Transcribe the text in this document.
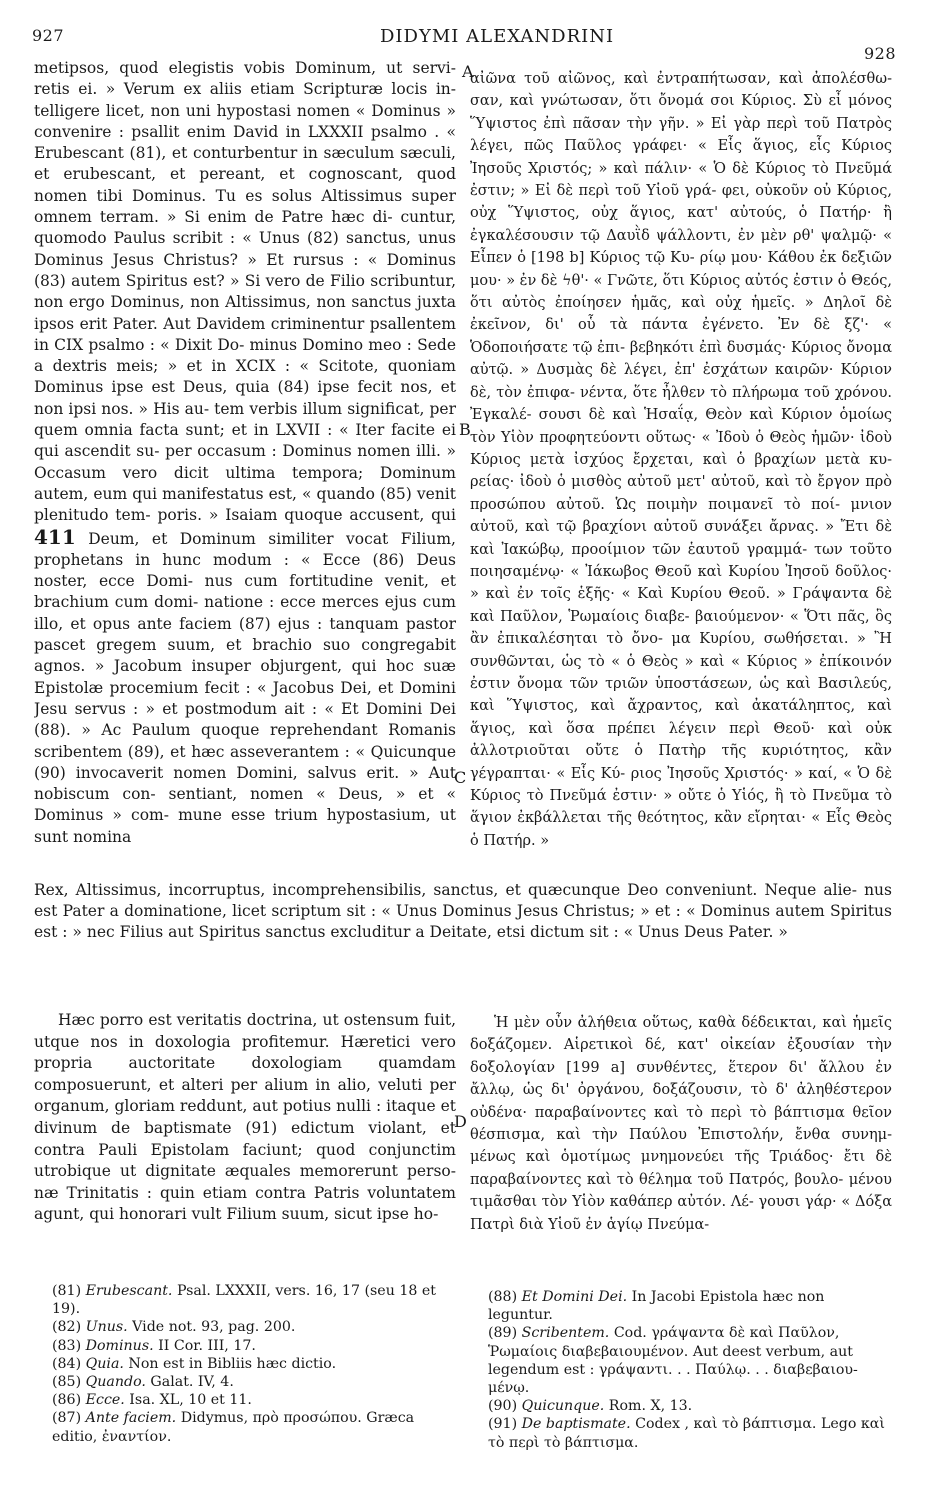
927	DIDYMI ALEXANDRINI
928
A
B
C
D
metipsos, quod elegistis vobis Dominum, ut servi- retis ei. » Verum ex aliis etiam Scripturæ locis in- telligere licet, non uni hypostasi nomen « Dominus » convenire : psallit enim David in LXXXII psalmo . « Erubescant (81), et conturbentur in sæculum sæculi, et erubescant, et pereant, et cognoscant, quod nomen tibi Dominus. Tu es solus Altissimus super omnem terram. » Si enim de Patre hæc di- cuntur, quomodo Paulus scribit : « Unus (82) sanctus, unus Dominus Jesus Christus? » Et rursus : « Dominus (83) autem Spiritus est? » Si vero de Filio scribuntur, non ergo Dominus, non Altissimus, non sanctus juxta ipsos erit Pater. Aut Davidem criminentur psallentem in CIX psalmo : « Dixit Do- minus Domino meo : Sede a dextris meis; » et in XCIX : « Scitote, quoniam Dominus ipse est Deus, quia (84) ipse fecit nos, et non ipsi nos. » His au- tem verbis illum significat, per quem omnia facta sunt; et in LXVII : « Iter facite ei qui ascendit su- per occasum : Dominus nomen illi. » Occasum vero dicit ultima tempora; Dominum autem, eum qui manifestatus est, « quando (85) venit plenitudo tem- poris. » Isaiam quoque accusent, qui 411 Deum, et Dominum similiter vocat Filium, prophetans in hunc modum : « Ecce (86) Deus noster, ecce Domi- nus cum fortitudine venit, et brachium cum domi- natione : ecce merces ejus cum illo, et opus ante faciem (87) ejus : tanquam pastor pascet gregem suum, et brachio suo congregabit agnos. » Jacobum insuper objurgent, qui hoc suæ Epistolæ procemium fecit : « Jacobus Dei, et Domini Jesu servus : » et postmodum ait : « Et Domini Dei (88). » Ac Paulum quoque reprehendant Romanis scribentem (89), et hæc asseverantem : « Quicunque (90) invocaverit nomen Domini, salvus erit. » Aut nobiscum con- sentiant, nomen « Deus, » et « Dominus » com- mune esse trium hypostasium, ut sunt nomina
αἰῶνα τοῦ αἰῶνος, καὶ ἐντραπήτωσαν, καὶ ἀπολέσθω- σαν, καὶ γνώτωσαν, ὅτι ὄνομά σοι Κύριος. Σὺ εἶ μόνος Ὕψιστος ἐπὶ πᾶσαν τὴν γῆν. » Εἰ γὰρ περὶ τοῦ Πατρὸς λέγει, πῶς Παῦλος γράφει· « Εἷς ἅγιος, εἷς Κύριος Ἰησοῦς Χριστός; » καὶ πάλιν· « Ὁ δὲ Κύριος τὸ Πνεῦμά ἐστιν; » Εἰ δὲ περὶ τοῦ Υἱοῦ γρά- φει, οὐκοῦν οὐ Κύριος, οὐχ Ὕψιστος, οὐχ ἅγιος, κατ' αὐτούς, ὁ Πατήρ· ἢ ἐγκαλέσουσιν τῷ Δαυῒδ ψάλλοντι, ἐν μὲν ρθ' ψαλμῷ· « Εἶπεν ὁ [198 b] Κύριος τῷ Κυ- ρίῳ μου· Κάθου ἐκ δεξιῶν μου· » ἐν δὲ ϟθ'· « Γνῶτε, ὅτι Κύριος αὐτός ἐστιν ὁ Θεός, ὅτι αὐτὸς ἐποίησεν ἡμᾶς, καὶ οὐχ ἡμεῖς. » Δηλοῖ δὲ ἐκεῖνον, δι' οὗ τὰ πάντα ἐγένετο. Ἐν δὲ ξζ'· « Ὁδοποιήσατε τῷ ἐπι- βεβηκότι ἐπὶ δυσμάς· Κύριος ὄνομα αὐτῷ. » Δυσμὰς δὲ λέγει, ἐπ' ἐσχάτων καιρῶν· Κύριον δὲ, τὸν ἐπιφα- νέντα, ὅτε ἦλθεν τὸ πλήρωμα τοῦ χρόνου. Ἐγκαλέ- σουσι δὲ καὶ Ἡσαΐᾳ, Θεὸν καὶ Κύριον ὁμοίως τὸν Υἱὸν προφητεύοντι οὕτως· « Ἰδοὺ ὁ Θεὸς ἡμῶν· ἰδοὺ Κύριος μετὰ ἰσχύος ἔρχεται, καὶ ὁ βραχίων μετὰ κυ- ρείας· ἰδοὺ ὁ μισθὸς αὐτοῦ μετ' αὐτοῦ, καὶ τὸ ἔργον πρὸ προσώπου αὐτοῦ. Ὡς ποιμὴν ποιμανεῖ τὸ ποί- μνιον αὐτοῦ, καὶ τῷ βραχίονι αὐτοῦ συνάξει ἄρνας. » Ἔτι δὲ καὶ Ἰακώβῳ, προοίμιον τῶν ἑαυτοῦ γραμμά- των τοῦτο ποιησαμένῳ· « Ἰάκωβος Θεοῦ καὶ Κυρίου Ἰησοῦ δοῦλος· » καὶ ἐν τοῖς ἑξῆς· « Καὶ Κυρίου Θεοῦ. » Γράψαντα δὲ καὶ Παῦλον, Ῥωμαίοις διαβε- βαιούμενον· « Ὅτι πᾶς, ὃς ἂν ἐπικαλέσηται τὸ ὄνο- μα Κυρίου, σωθήσεται. » Ἢ συνθῶνται, ὡς τὸ « ὁ Θεὸς » καὶ « Κύριος » ἐπίκοινόν ἐστιν ὄνομα τῶν τριῶν ὑποστάσεων, ὡς καὶ Βασιλεύς, καὶ Ὕψιστος, καὶ ἄχραντος, καὶ ἀκατάληπτος, καὶ ἅγιος, καὶ ὅσα πρέπει λέγειν περὶ Θεοῦ· καὶ οὐκ ἀλλοτριοῦται οὔτε ὁ Πατὴρ τῆς κυριότητος, κἂν γέγραπται· « Εἷς Κύ- ριος Ἰησοῦς Χριστός· » καί, « Ὁ δὲ Κύριος τὸ Πνεῦμά ἐστιν· » οὔτε ὁ Υἱός, ἢ τὸ Πνεῦμα τὸ ἅγιον ἐκβάλλεται τῆς θεότητος, κἂν εἴρηται· « Εἷς Θεὸς ὁ Πατήρ. »
Rex, Altissimus, incorruptus, incomprehensibilis, sanctus, et quæcunque Deo conveniunt. Neque alie- nus est Pater a dominatione, licet scriptum sit : « Unus Dominus Jesus Christus; » et : « Dominus autem Spiritus est : » nec Filius aut Spiritus sanctus excluditur a Deitate, etsi dictum sit : « Unus Deus Pater. »

Hæc porro est veritatis doctrina, ut ostensum fuit, utque nos in doxologia profitemur. Hæretici vero propria auctoritate doxologiam quamdam composuerunt, et alteri per alium in alio, veluti per organum, gloriam reddunt, aut potius nulli : itaque et divinum de baptismate (91) edictum violant, et contra Pauli Epistolam faciunt; quod conjunctim utrobique ut dignitate æquales memorerunt perso- næ Trinitatis : quin etiam contra Patris voluntatem agunt, qui honorari vult Filium suum, sicut ipse ho-

Ἡ μὲν οὖν ἀλήθεια οὕτως, καθὰ δέδεικται, καὶ ἡμεῖς δοξάζομεν. Αἱρετικοὶ δέ, κατ' οἰκείαν ἐξουσίαν τὴν δοξολογίαν [199 a] συνθέντες, ἕτερον δι' ἄλλου ἐν ἄλλῳ, ὡς δι' ὀργάνου, δοξάζουσιν, τὸ δ' ἀληθέστερον οὐδένα· παραβαίνοντες καὶ τὸ περὶ τὸ βάπτισμα θεῖον θέσπισμα, καὶ τὴν Παύλου Ἐπιστολήν, ἔνθα συνημ- μένως καὶ ὁμοτίμως μνημονεύει τῆς Τριάδος· ἔτι δὲ παραβαίνοντες καὶ τὸ θέλημα τοῦ Πατρός, βουλο- μένου τιμᾶσθαι τὸν Υἱὸν καθάπερ αὐτόν. Λέ- γουσι γάρ· « Δόξα Πατρὶ διὰ Υἱοῦ ἐν ἁγίῳ Πνεύμα-

(81) Erubescant. Psal. LXXXII, vers. 16, 17 (seu 18 et 19).

(82) Unus. Vide not. 93, pag. 200.

(83) Dominus. II Cor. III, 17.

(84) Quia. Non est in Bibliis hæc dictio.

(85) Quando. Galat. IV, 4.

(86) Ecce. Isa. XL, 10 et 11.

(87) Ante faciem. Didymus, πρὸ προσώπου. Græca editio, ἐναντίον.

(88) Et Domini Dei. In Jacobi Epistola hæc non leguntur.

(89) Scribentem. Cod. γράψαντα δὲ καὶ Παῦλον, Ῥωμαίοις διαβεβαιουμένον. Aut deest verbum, aut legendum est : γράψαντι. . . Παύλῳ. . . διαβεβαιου- μένῳ.

(90) Quicunque. Rom. X, 13.

(91) De baptismate. Codex , καὶ τὸ βάπτισμα. Lego καὶ τὸ περὶ τὸ βάπτισμα.
